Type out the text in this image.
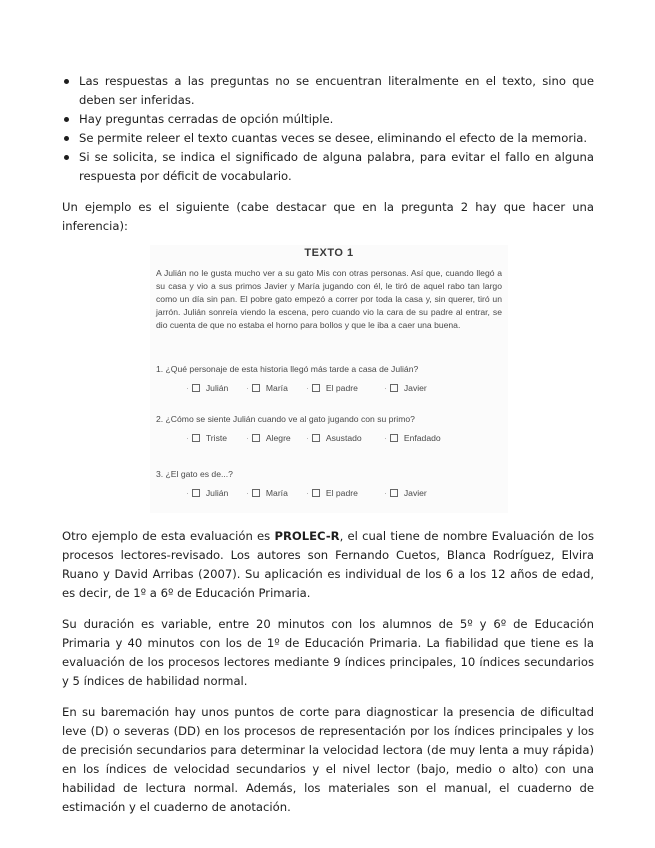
Las respuestas a las preguntas no se encuentran literalmente en el texto, sino que deben ser inferidas.
Hay preguntas cerradas de opción múltiple.
Se permite releer el texto cuantas veces se desee, eliminando el efecto de la memoria.
Si se solicita, se indica el significado de alguna palabra, para evitar el fallo en alguna respuesta por déficit de vocabulario.

Un ejemplo es el siguiente (cabe destacar que en la pregunta 2 hay que hacer una inferencia):

TEXTO 1
A Julián no le gusta mucho ver a su gato Mis con otras personas. Así que, cuando llegó a su casa y vio a sus primos Javier y María jugando con él, le tiró de aquel rabo tan largo como un día sin pan. El pobre gato empezó a correr por toda la casa y, sin querer, tiró un jarrón. Julián sonreía viendo la escena, pero cuando vio la cara de su padre al entrar, se dio cuenta de que no estaba el horno para bollos y que le iba a caer una buena.
1. ¿Qué personaje de esta historia llegó más tarde a casa de Julián?
· Julián · María · El padre	· Javier
2. ¿Cómo se siente Julián cuando ve al gato jugando con su primo?
· Triste · Alegre · Asustado	· Enfadado
3. ¿El gato es de...?
· Julián · María · El padre	· Javier

Otro ejemplo de esta evaluación es PROLEC-R, el cual tiene de nombre Evaluación de los procesos lectores-revisado. Los autores son Fernando Cuetos, Blanca Rodríguez, Elvira Ruano y David Arribas (2007). Su aplicación es individual de los 6 a los 12 años de edad, es decir, de 1º a 6º de Educación Primaria.

Su duración es variable, entre 20 minutos con los alumnos de 5º y 6º de Educación Primaria y 40 minutos con los de 1º de Educación Primaria. La fiabilidad que tiene es la evaluación de los procesos lectores mediante 9 índices principales, 10 índices secundarios y 5 índices de habilidad normal.

En su baremación hay unos puntos de corte para diagnosticar la presencia de dificultad leve (D) o severas (DD) en los procesos de representación por los índices principales y los de precisión secundarios para determinar la velocidad lectora (de muy lenta a muy rápida) en los índices de velocidad secundarios y el nivel lector (bajo, medio o alto) con una habilidad de lectura normal. Además, los materiales son el manual, el cuaderno de estimación y el cuaderno de anotación.
